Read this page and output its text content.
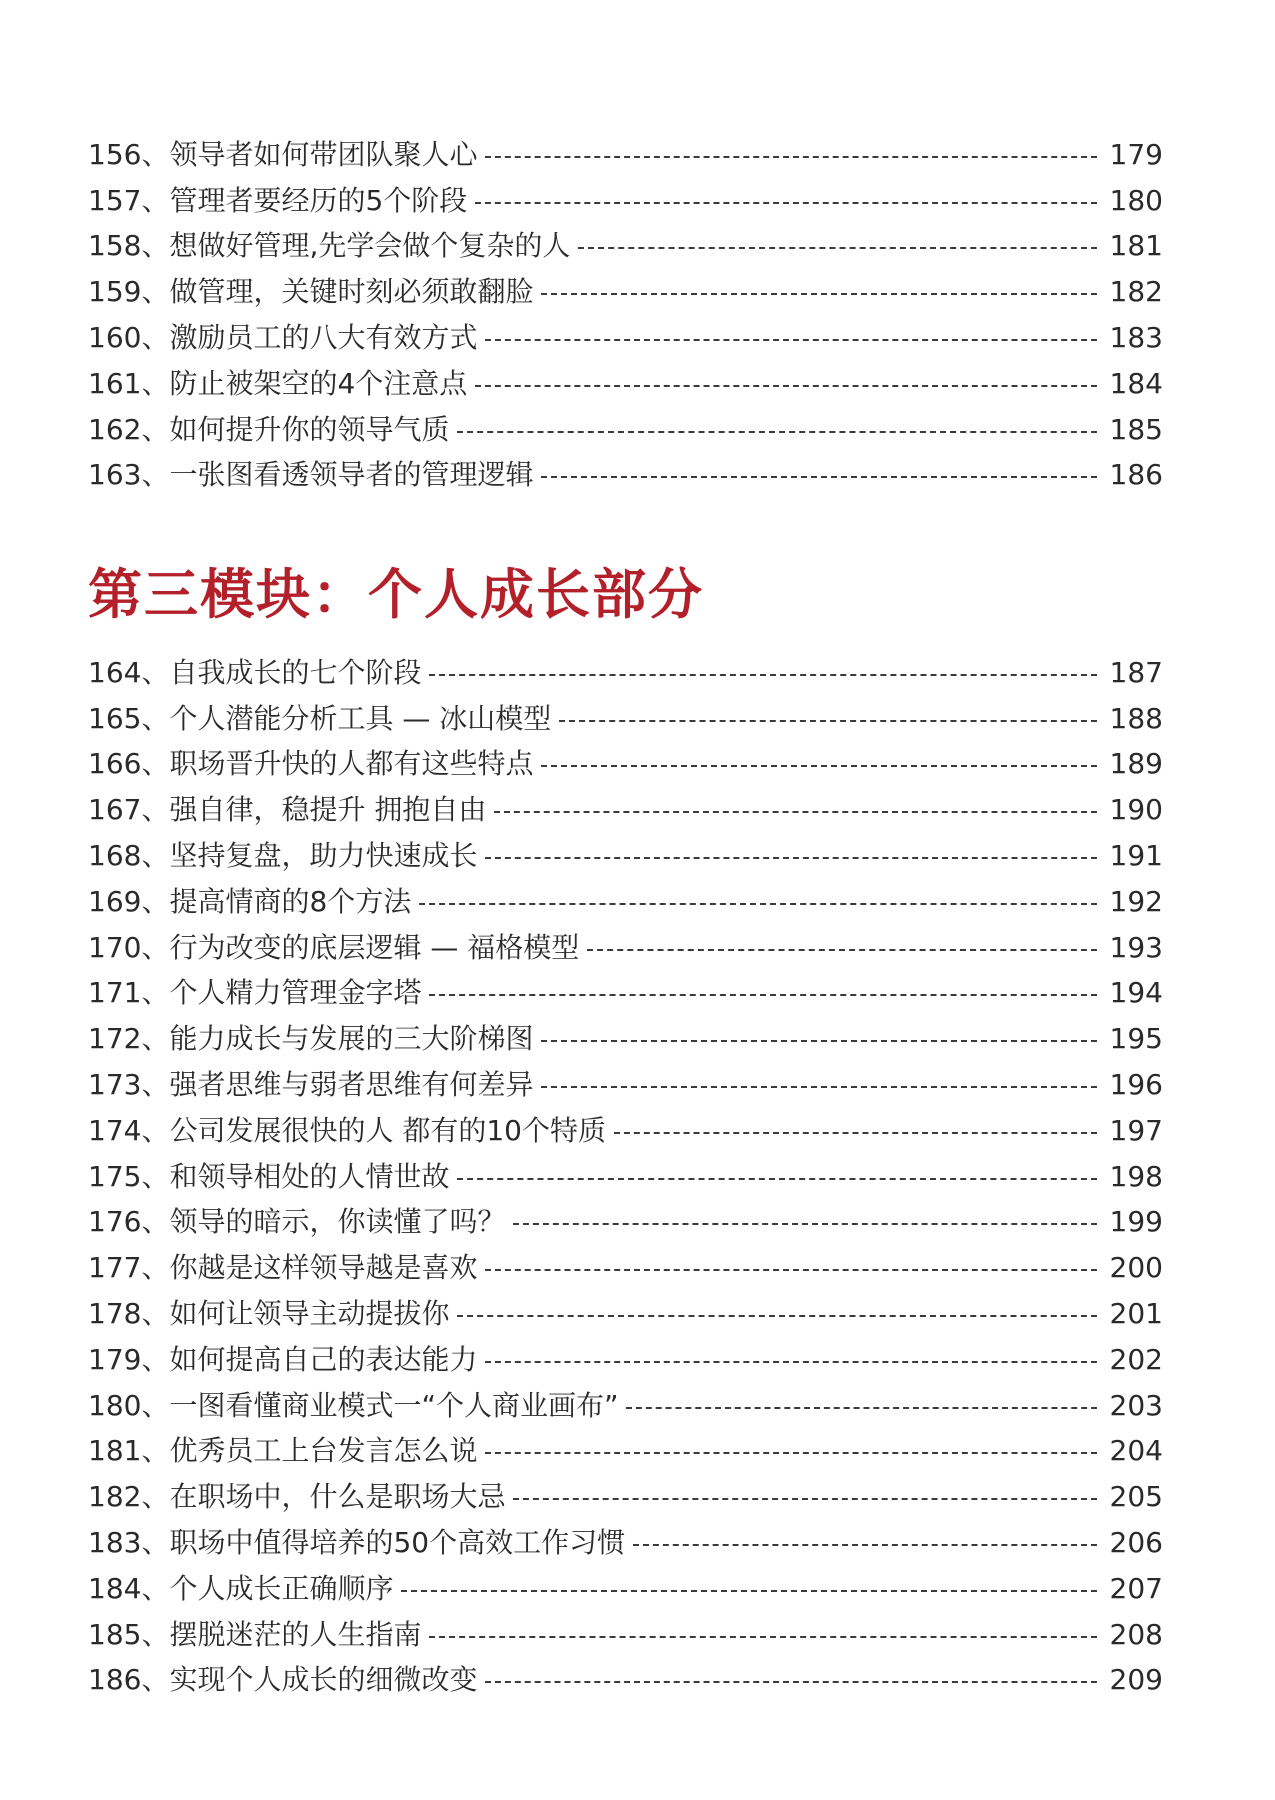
156 、 领导者如何带团队聚人心	179
157 、 管理者要经历的5个阶段	180
158 、 想做好管理,先学会做个复杂的人	181
159 、 做管理，关键时刻必须敢翻脸	182
160 、 激励员工的八大有效方式	183
161 、 防止被架空的4个注意点	184
162 、 如何提升你的领导气质	185
163 、 一张图看透领导者的管理逻辑	186
第三模块：个人成长部分
164 、 自我成长的七个阶段	187
165 、 个人潜能分析工具 — 冰山模型	188
166 、 职场晋升快的人都有这些特点	189
167 、 强自律，稳提升 拥抱自由	190
168 、 坚持复盘，助力快速成长	191
169 、 提高情商的8个方法	192
170 、 行为改变的底层逻辑 — 福格模型	193
171 、 个人精力管理金字塔	194
172 、 能力成长与发展的三大阶梯图	195
173 、 强者思维与弱者思维有何差异	196
174 、 公司发展很快的人 都有的10个特质	197
175 、 和领导相处的人情世故	198
176 、 领导的暗示，你读懂了吗？	199
177 、 你越是这样领导越是喜欢	200
178 、 如何让领导主动提拔你	201
179 、 如何提高自己的表达能力	202
180 、 一图看懂商业模式一“个人商业画布”	203
181 、 优秀员工上台发言怎么说	204
182 、 在职场中，什么是职场大忌	205
183 、 职场中值得培养的50个高效工作习惯	206
184 、 个人成长正确顺序	207
185 、 摆脱迷茫的人生指南	208
186 、 实现个人成长的细微改变	209
